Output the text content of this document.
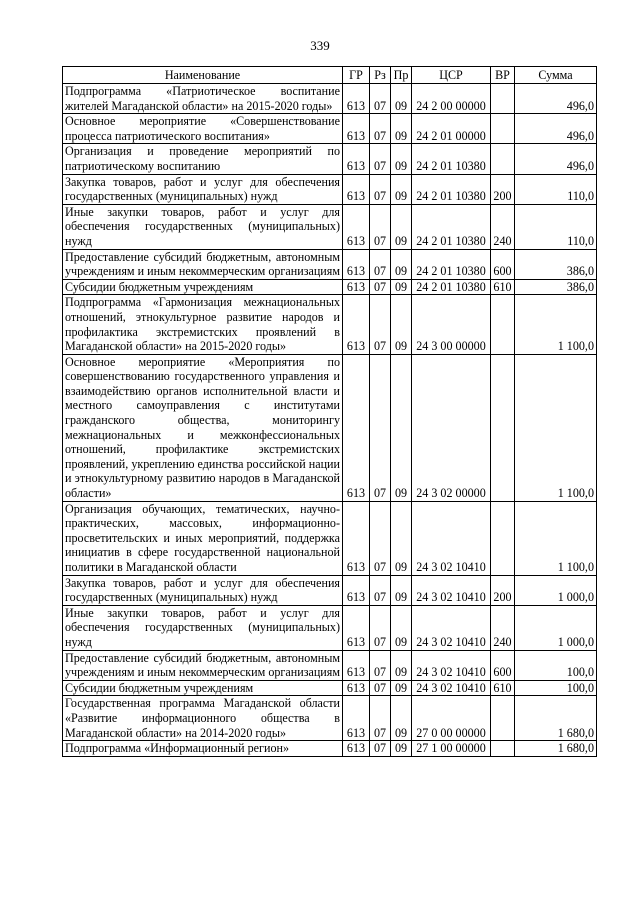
339
Наименование	ГР	Рз	Пр	ЦСР	ВР	Сумма
Подпрограмма «Патриотическое воспитание жителей Магаданской области» на 2015-2020 годы»	613	07	09	24 2 00 00000		496,0
Основное мероприятие «Совершенствование процесса патриотического воспитания»	613	07	09	24 2 01 00000		496,0
Организация и проведение мероприятий по патриотическому воспитанию	613	07	09	24 2 01 10380		496,0
Закупка товаров, работ и услуг для обеспечения государственных (муниципальных) нужд	613	07	09	24 2 01 10380	200	110,0
Иные закупки товаров, работ и услуг для обеспечения государственных (муниципальных) нужд	613	07	09	24 2 01 10380	240	110,0
Предоставление субсидий бюджетным, автономным учреждениям и иным некоммерческим организациям	613	07	09	24 2 01 10380	600	386,0
Субсидии бюджетным учреждениям	613	07	09	24 2 01 10380	610	386,0
Подпрограмма «Гармонизация межнациональных отношений, этнокультурное развитие народов и профилактика экстремистских проявлений в Магаданской области» на 2015-2020 годы»	613	07	09	24 3 00 00000		1 100,0
Основное мероприятие «Мероприятия по совершенствованию государственного управления и взаимодействию органов исполнительной власти и местного самоуправления с институтами гражданского общества, мониторингу межнациональных и межконфессиональных отношений, профилактике экстремистских проявлений, укреплению единства российской нации и этнокультурному развитию народов в Магаданской области»	613	07	09	24 3 02 00000		1 100,0
Организация обучающих, тематических, научно-практических, массовых, информационно-просветительских и иных мероприятий, поддержка инициатив в сфере государственной национальной политики в Магаданской области	613	07	09	24 3 02 10410		1 100,0
Закупка товаров, работ и услуг для обеспечения государственных (муниципальных) нужд	613	07	09	24 3 02 10410	200	1 000,0
Иные закупки товаров, работ и услуг для обеспечения государственных (муниципальных) нужд	613	07	09	24 3 02 10410	240	1 000,0
Предоставление субсидий бюджетным, автономным учреждениям и иным некоммерческим организациям	613	07	09	24 3 02 10410	600	100,0
Субсидии бюджетным учреждениям	613	07	09	24 3 02 10410	610	100,0
Государственная программа Магаданской области «Развитие информационного общества в Магаданской области» на 2014-2020 годы»	613	07	09	27 0 00 00000		1 680,0
Подпрограмма «Информационный регион»	613	07	09	27 1 00 00000		1 680,0
